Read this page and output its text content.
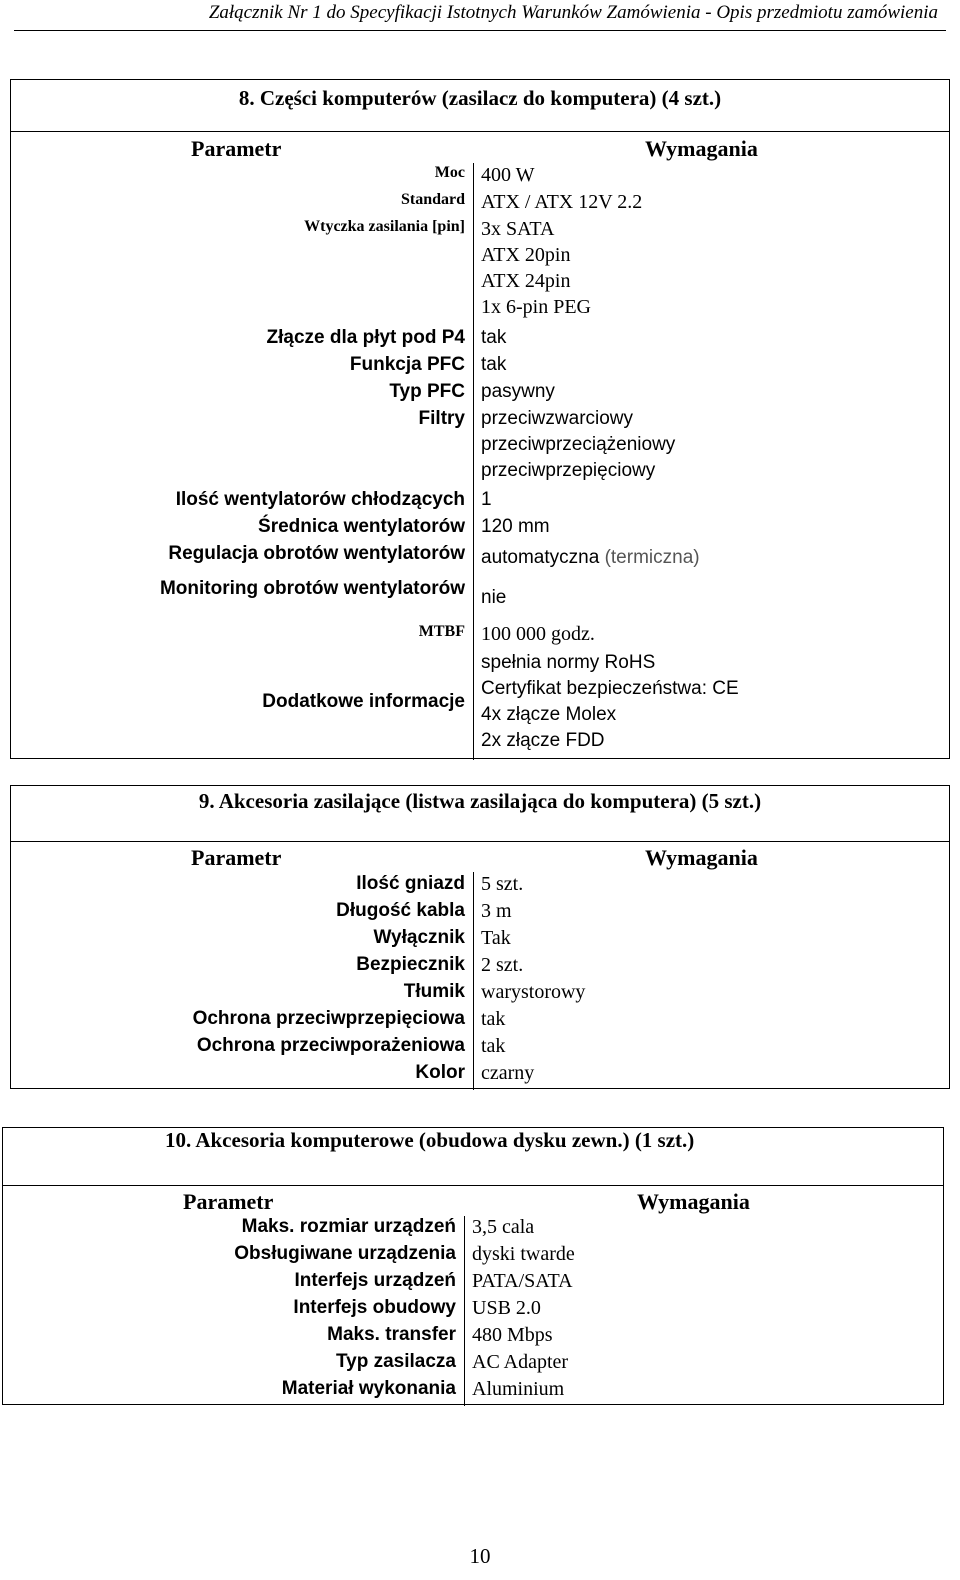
Załącznik Nr 1 do Specyfikacji Istotnych Warunków Zamówienia - Opis przedmiotu zamówienia
8. Części komputerów (zasilacz do komputera) (4 szt.)
Parametr	Wymagania
Moc 400 W
Standard ATX / ATX 12V 2.2
Wtyczka zasilania [pin] 3x SATA
ATX 20pin
ATX 24pin
1x 6-pin PEG
Złącze dla płyt pod P4 tak
Funkcja PFC tak
Typ PFC pasywny
Filtry przeciwzwarciowy
przeciwprzeciążeniowy
przeciwprzepięciowy
Ilość wentylatorów chłodzących 1
Średnica wentylatorów 120 mm
Regulacja obrotów wentylatorów automatyczna (termiczna)
Monitoring obrotów wentylatorów nie
MTBF 100 000 godz.
Dodatkowe informacje
spełnia normy RoHS
Certyfikat bezpieczeństwa: CE
4x złącze Molex
2x złącze FDD
9. Akcesoria zasilające (listwa zasilająca do komputera) (5 szt.)
Parametr	Wymagania
Ilość gniazd 5 szt.
Długość kabla 3 m
Wyłącznik Tak
Bezpiecznik 2 szt.
Tłumik warystorowy
Ochrona przeciwprzepięciowa tak
Ochrona przeciwporażeniowa tak
Kolor czarny
10. Akcesoria komputerowe (obudowa dysku zewn.) (1 szt.)
Parametr	Wymagania
Maks. rozmiar urządzeń 3,5 cala
Obsługiwane urządzenia dyski twarde
Interfejs urządzeń PATA/SATA
Interfejs obudowy USB 2.0
Maks. transfer 480 Mbps
Typ zasilacza AC Adapter
Materiał wykonania Aluminium
10
